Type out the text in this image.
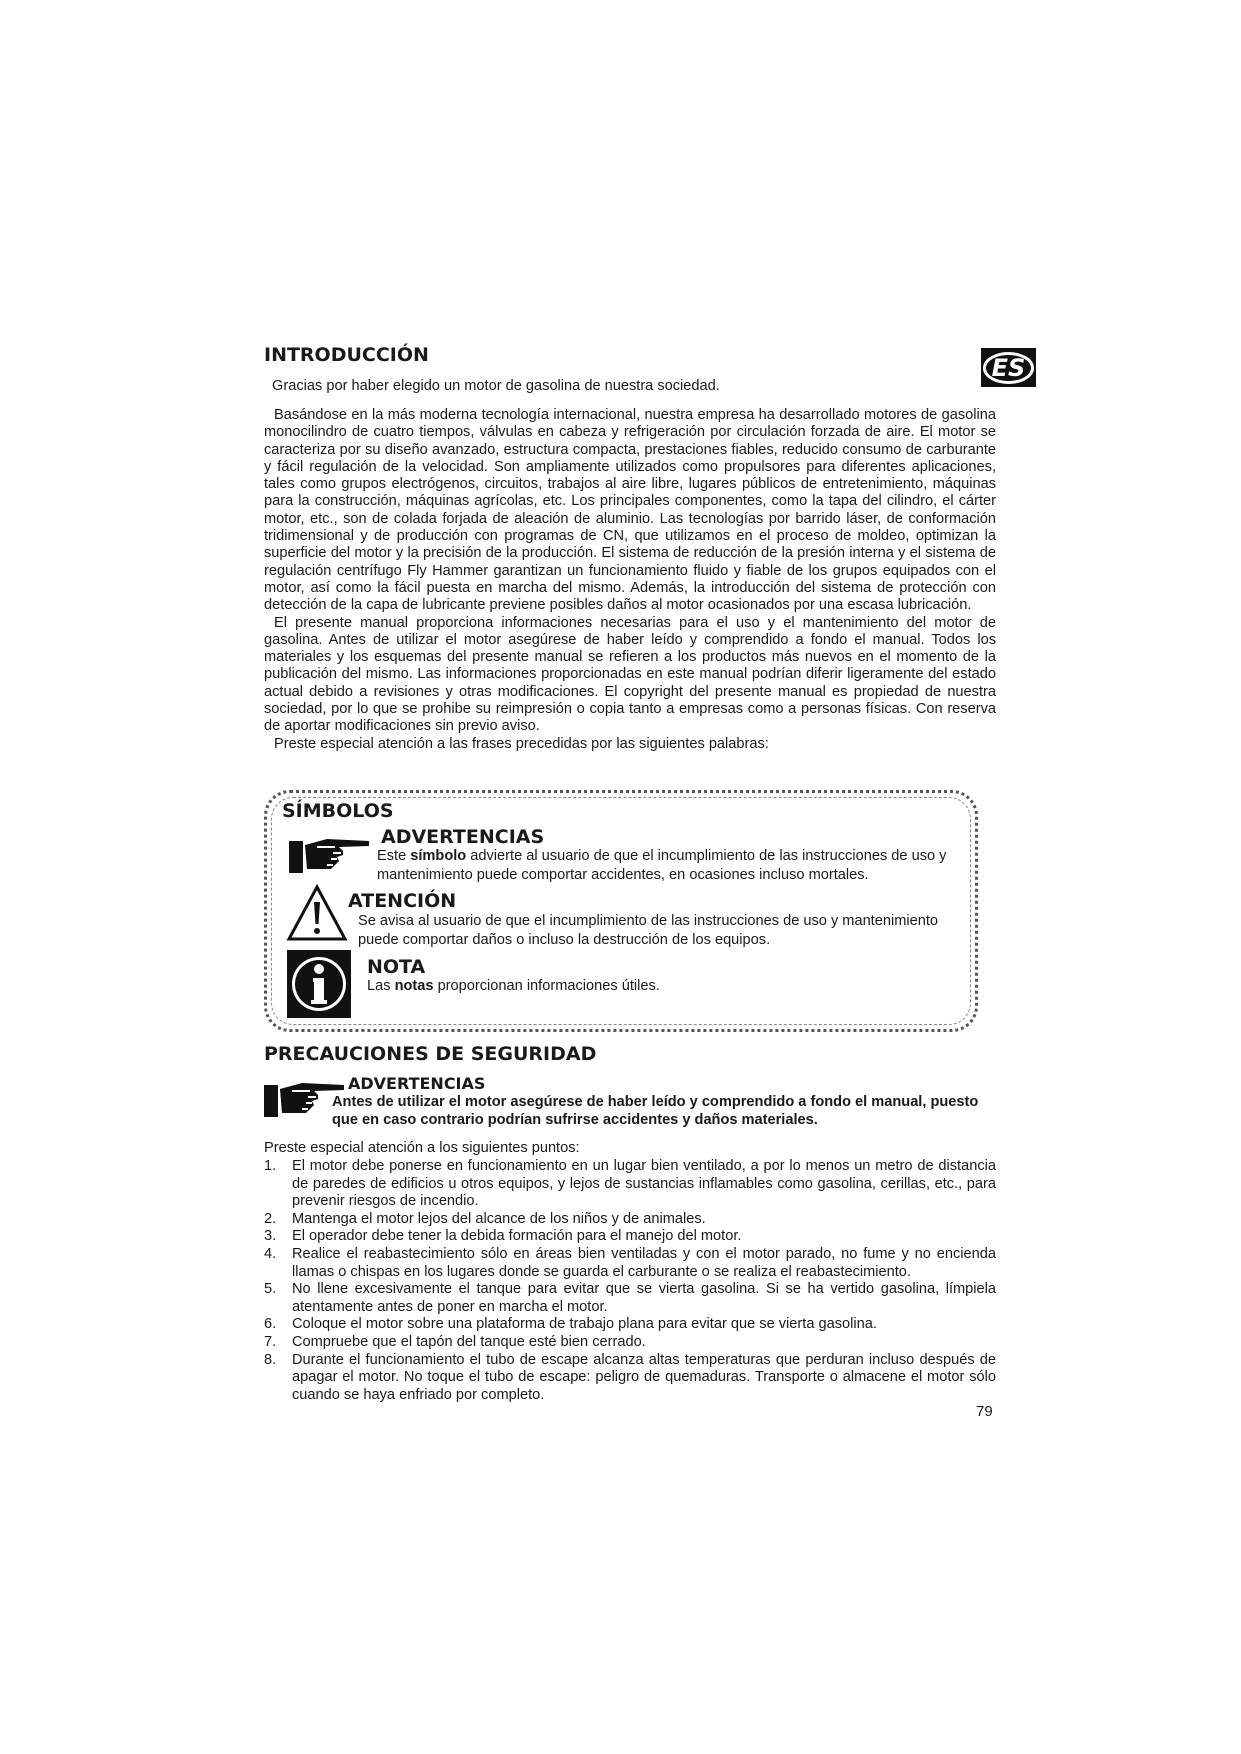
INTRODUCCIÓN	ES
Gracias por haber elegido un motor de gasolina de nuestra sociedad.

Basándose en la más moderna tecnología internacional, nuestra empresa ha desarrollado motores de gasolina monocilindro de cuatro tiempos, válvulas en cabeza y refrigeración por circulación forzada de aire. El motor se caracteriza por su diseño avanzado, estructura compacta, prestaciones fiables, reducido consumo de carburante y fácil regulación de la velocidad. Son ampliamente utilizados como propulsores para diferentes aplicaciones, tales como grupos electrógenos, circuitos, trabajos al aire libre, lugares públicos de entretenimiento, máquinas para la construcción, máquinas agrícolas, etc. Los principales componentes, como la tapa del cilindro, el cárter motor, etc., son de colada forjada de aleación de aluminio. Las tecnologías por barrido láser, de conformación tridimensional y de producción con programas de CN, que utilizamos en el proceso de moldeo, optimizan la superficie del motor y la precisión de la producción. El sistema de reducción de la presión interna y el sistema de regulación centrífugo Fly Hammer garantizan un funcionamiento fluido y fiable de los grupos equipados con el motor, así como la fácil puesta en marcha del mismo. Además, la introducción del sistema de protección con detección de la capa de lubricante previene posibles daños al motor ocasionados por una escasa lubricación.

El presente manual proporciona informaciones necesarias para el uso y el mantenimiento del motor de gasolina. Antes de utilizar el motor asegúrese de haber leído y comprendido a fondo el manual. Todos los materiales y los esquemas del presente manual se refieren a los productos más nuevos en el momento de la publicación del mismo. Las informaciones proporcionadas en este manual podrían diferir ligeramente del estado actual debido a revisiones y otras modificaciones. El copyright del presente manual es propiedad de nuestra sociedad, por lo que se prohibe su reimpresión o copia tanto a empresas como a personas físicas. Con reserva de aportar modificaciones sin previo aviso.

Preste especial atención a las frases precedidas por las siguientes palabras:

SÍMBOLOS
ADVERTENCIAS
Este símbolo advierte al usuario de que el incumplimiento de las instrucciones de uso y mantenimiento puede comportar accidentes, en ocasiones incluso mortales.
ATENCIÓN
Se avisa al usuario de que el incumplimiento de las instrucciones de uso y mantenimiento puede comportar daños o incluso la destrucción de los equipos.
NOTA
Las notas proporcionan informaciones útiles.
PRECAUCIONES DE SEGURIDAD
ADVERTENCIAS
Antes de utilizar el motor asegúrese de haber leído y comprendido a fondo el manual, puesto que en caso contrario podrían sufrirse accidentes y daños materiales.
Preste especial atención a los siguientes puntos:
1. El motor debe ponerse en funcionamiento en un lugar bien ventilado, a por lo menos un metro de distancia de paredes de edificios u otros equipos, y lejos de sustancias inflamables como gasolina, cerillas, etc., para prevenir riesgos de incendio.
2. Mantenga el motor lejos del alcance de los niños y de animales.
3. El operador debe tener la debida formación para el manejo del motor.
4. Realice el reabastecimiento sólo en áreas bien ventiladas y con el motor parado, no fume y no encienda llamas o chispas en los lugares donde se guarda el carburante o se realiza el reabastecimiento.
5. No llene excesivamente el tanque para evitar que se vierta gasolina. Si se ha vertido gasolina, límpiela atentamente antes de poner en marcha el motor.
6. Coloque el motor sobre una plataforma de trabajo plana para evitar que se vierta gasolina.
7. Compruebe que el tapón del tanque esté bien cerrado.
8. Durante el funcionamiento el tubo de escape alcanza altas temperaturas que perduran incluso después de apagar el motor. No toque el tubo de escape: peligro de quemaduras. Transporte o almacene el motor sólo cuando se haya enfriado por completo.
79
